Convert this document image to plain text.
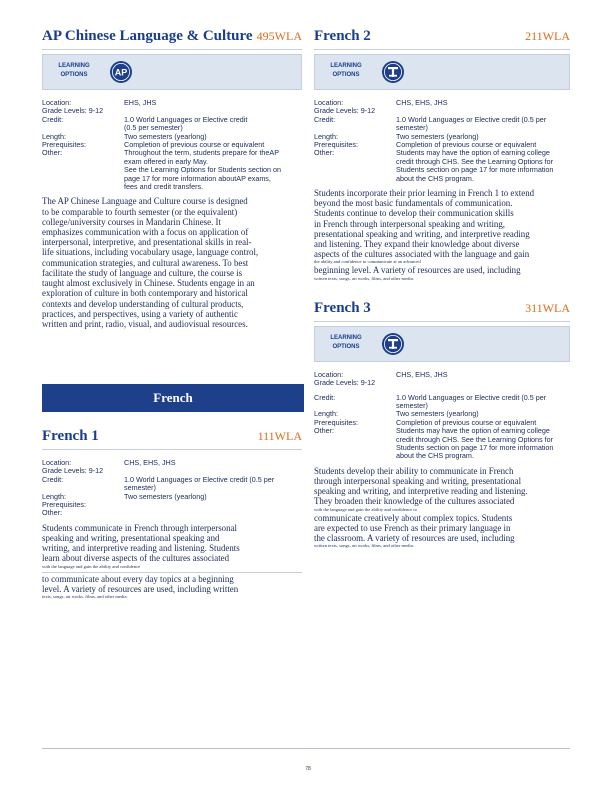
AP Chinese Language & Culture 495WLA
LEARNING
OPTIONS	AP
Location:	EHS, JHS
Grade Levels:
9-12
Credit:	1.0 World Languages or Elective credit
(0.5 per semester)
Length:	Two semesters (yearlong)
Prerequisites:	Completion of previous course or equivalent
Other:	Throughout the term, students prepare for theAP
exam offered in early May.
See the Learning Options for Students section on
page 17 for more information aboutAP exams,
fees and credit transfers.
The AP Chinese Language and Culture course is designed
to be comparable to fourth semester (or the equivalent)
college/university courses in Mandarin Chinese. It
emphasizes communication with a focus on application of
interpersonal, interpretive, and presentational skills in real-
life situations, including vocabulary usage, language control,
communication strategies, and cultural awareness. To best
facilitate the study of language and culture, the course is
taught almost exclusively in Chinese. Students engage in an
exploration of culture in both contemporary and historical
contexts and develop understanding of cultural products,
practices, and perspectives, using a variety of authentic
written and print, radio, visual, and audiovisual resources.
French
French 1	111WLA
Location:	CHS, EHS, JHS
Grade Levels:
9-12
Credit:	1.0 World Languages or Elective credit (0.5 per
semester)
Length:	Two semesters (yearlong)
Prerequisites:
Other:
Students communicate in French through interpersonal
speaking and writing, presentational speaking and
writing, and interpretive reading and listening. Students
learn about diverse aspects of the cultures associated
with the language and gain the ability and confidence
to communicate about every day topics at a beginning
level. A variety of resources are used, including written
texts, songs, art works, films, and other media.
French 2	211WLA
LEARNING
OPTIONS
Location:	CHS, EHS, JHS
Grade Levels:
9-12
Credit:	1.0 World Languages or Elective credit (0.5 per
semester)
Length:	Two semesters (yearlong)
Prerequisites:	Completion of previous course or equivalent
Other:	Students may have the option of earning college
credit through CHS. See the Learning Options for
Students section on page 17 for more information
about the CHS program.
Students incorporate their prior learning in French 1 to extend
beyond the most basic fundamentals of communication.
Students continue to develop their communication skills
in French through interpersonal speaking and writing,
presentational speaking and writing, and interpretive reading
and listening. They expand their knowledge about diverse
aspects of the cultures associated with the language and gain
the ability and confidence to communicate at an advanced
beginning level. A variety of resources are used, including
written texts, songs, art works, films, and other media.
French 3	311WLA
LEARNING
OPTIONS
Location:	CHS, EHS, JHS
Grade Levels:
9-12
Credit:	1.0 World Languages or Elective credit (0.5 per
semester)
Length:	Two semesters (yearlong)
Prerequisites:	Completion of previous course or equivalent
Other:	Students may have the option of earning college
credit through CHS. See the Learning Options for
Students section on page 17 for more information
about the CHS program.
Students develop their ability to communicate in French
through interpersonal speaking and writing, presentational
speaking and writing, and interpretive reading and listening.
They broaden their knowledge of the cultures associated
with the language and gain the ability and confidence to
communicate creatively about complex topics. Students
are expected to use French as their primary language in
the classroom. A variety of resources are used, including
written texts, songs, art works, films, and other media.
78
